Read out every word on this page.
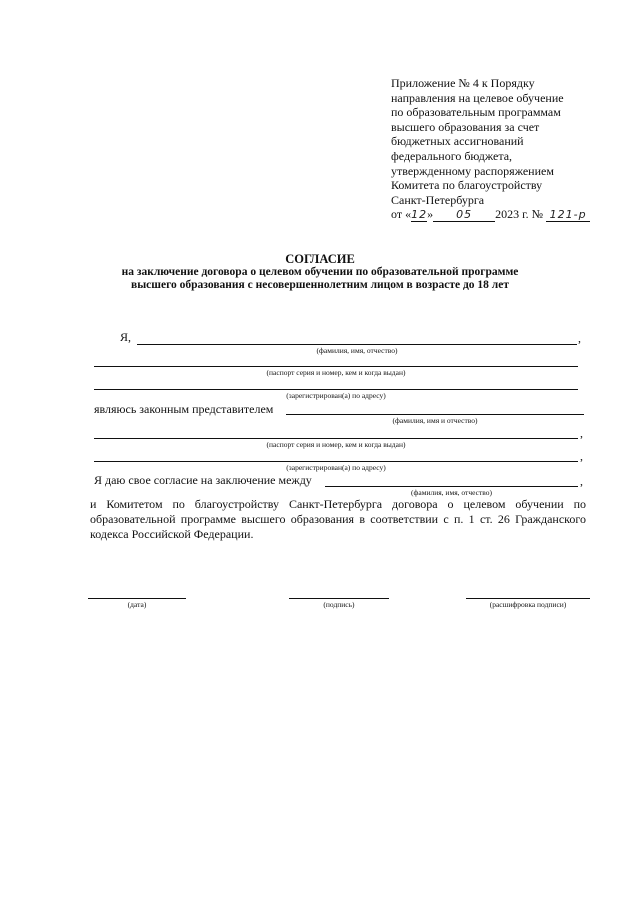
Приложение № 4 к Порядку
направления на целевое обучение
по образовательным программам
высшего образования за счет
бюджетных ассигнований
федерального бюджета,
утвержденному распоряжением
Комитета по благоустройству
Санкт-Петербурга
от «12» 05 2023 г. № 121-р
СОГЛАСИЕ
на заключение договора о целевом обучении по образовательной программе
высшего образования с несовершеннолетним лицом в возрасте до 18 лет
Я,	,
(фамилия, имя, отчество)
(паспорт серия и номер, кем и когда выдан)
(зарегистрирован(а) по адресу)
являюсь законным представителем
(фамилия, имя и отчество)
,
(паспорт серия и номер, кем и когда выдан)
,
(зарегистрирован(а) по адресу)
Я даю свое согласие на заключение между	,
(фамилия, имя, отчество)
и Комитетом по благоустройству Санкт-Петербурга договора о целевом обучении по образовательной программе высшего образования в соответствии с п. 1 ст. 26 Гражданского кодекса Российской Федерации.
(дата)	(подпись)	(расшифровка подписи)
